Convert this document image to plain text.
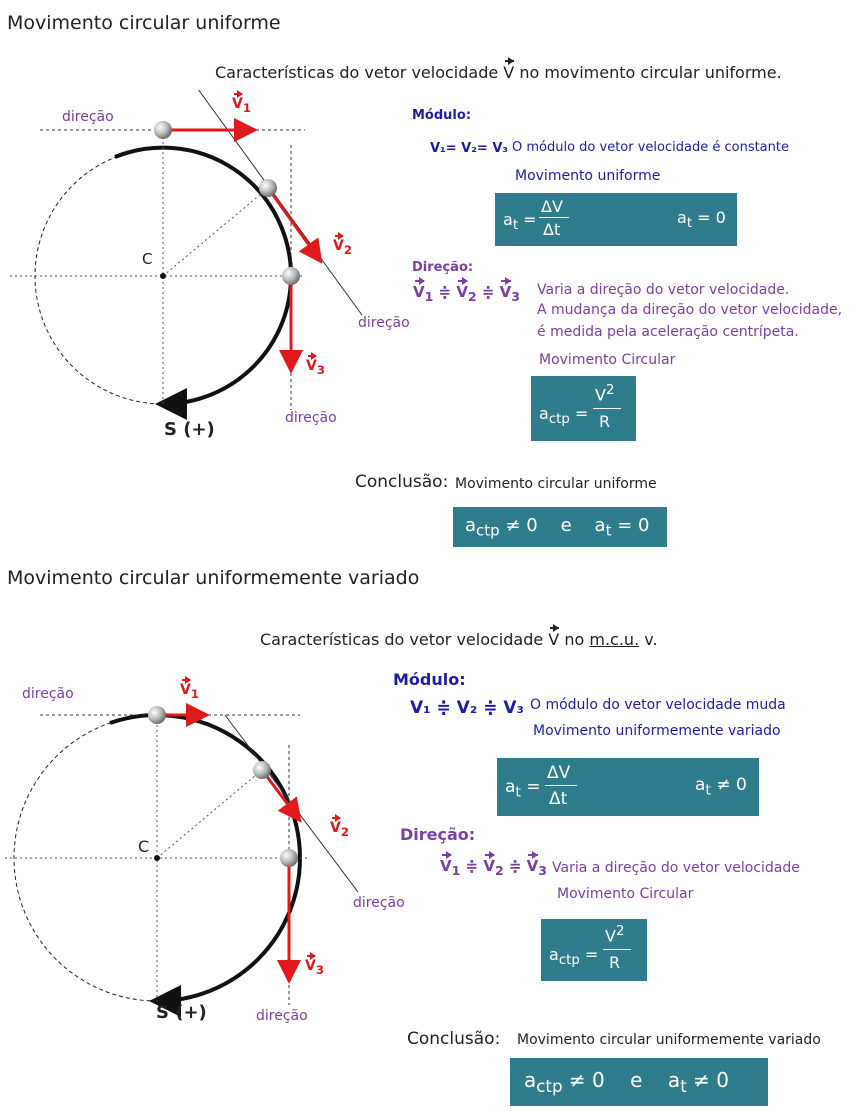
Movimento circular uniforme
Características do vetor velocidade V no movimento circular uniforme.
C
direção
direção
direção
S (+)
$V_1$
$V_2$
$V_3$
Módulo:
V₁= V₂= V₃ O módulo do vetor velocidade é constante
Movimento uniforme
$a_t$ =
ΔV
Δt
$a_t = 0$
Direção:
$V_1$ ≑ $V_2$ ≑ $V_3$ Varia a direção do vetor velocidade.
A mudança da direção do vetor velocidade,
é medida pela aceleração centrípeta.
Movimento Circular
$a_{ctp}$ =
$V^2$
R
Conclusão: Movimento circular uniforme
$a_{ctp} \ne 0$ e $a_t = 0$
Movimento circular uniformemente variado
Características do vetor velocidade V no m.c.u. v.
C
direção
direção
direção
S (+)
$V_1$
$V_2$
$V_3$
Módulo:
V₁ ≑ V₂ ≑ V₃ O módulo do vetor velocidade muda
Movimento uniformemente variado
$a_t$ =
ΔV
Δt
$a_t \ne 0$
Direção:
$V_1$ ≑ $V_2$ ≑ $V_3$ Varia a direção do vetor velocidade
Movimento Circular
$a_{ctp}$ =
$V^2$
R
Conclusão: Movimento circular uniformemente variado
$a_{ctp} \ne 0$ e $a_t \ne 0$
